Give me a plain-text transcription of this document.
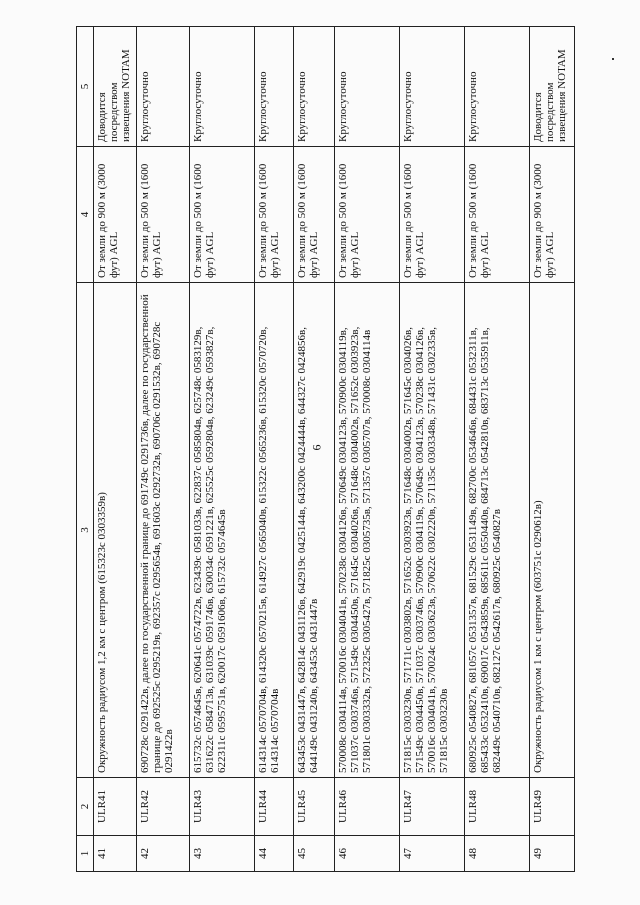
6
1	2	3	4	5
41	ULR41	Окружность радиусом 1,2 км с центром (615323с 0303359в)	От земли до 900 м (3000 фут) AGL	Доводится посредством извещения NOTAM
42	ULR42	690728с 0291422в, далее по государственной границе до 691749с 0291736в, далее по государственной границе до 692525с 0295219в, 692357с 0295654в, 691603с 0292732в, 690706с 0291532в, 690728с 0291422в	От земли до 500 м (1600 фут) AGL	Круглосуточно
43	ULR43	615732с 0574645в, 620641с 0574722в, 623439с 0581033в, 622837с 0585804в, 625748с 0583129в, 631622с 0584713в, 631039с 0591746в, 630034с 0591221в, 625525с 0592804в, 623249с 0593827в, 622311с 0595751в, 620017с 0591606в, 615732с 0574645в	От земли до 500 м (1600 фут) AGL	Круглосуточно
44	ULR44	614314с 0570704в, 614320с 0570215в, 614927с 0565040в, 615322с 0565236в, 615320с 0570720в, 614314с 0570704в	От земли до 500 м (1600 фут) AGL	Круглосуточно
45	ULR45	643453с 0431447в, 642814с 0431126в, 642919с 0425144в, 643200с 0424444в, 644327с 0424856в, 644149с 0431240в, 643453с 0431447в	От земли до 500 м (1600 фут) AGL	Круглосуточно
46	ULR46	570008с 0304114в, 570016с 0304041в, 570238с 0304126в, 570649с 0304123в, 570900с 0304119в, 571037с 0303746в, 571549с 0304450в, 571645с 0304026в, 571648с 0304002в, 571652с 0303923в, 571801с 0303332в, 572325с 0305427в, 571825с 0305735в, 571357с 0305707в, 570008с 0304114в	От земли до 500 м (1600 фут) AGL	Круглосуточно
47	ULR47	571815с 0303230в, 571711с 0303802в, 571652с 0303923в, 571648с 0304002в, 571645с 0304026в, 571549с 0304450в, 571037с 0303746в, 570900с 0304119в, 570649с 0304123в, 570238с 0304126в, 570016с 0304041в, 570024с 0303623в, 570622с 0302220в, 571135с 0303348в, 571431с 0302335в, 571815с 0303230в	От земли до 500 м (1600 фут) AGL	Круглосуточно
48	ULR48	680925с 0540827в, 681057с 0531357в, 681529с 0531149в, 682700с 0534646в, 684431с 0532311в, 685433с 0532410в, 690017с 0543859в, 685611с 0550440в, 684713с 0542810в, 683713с 0535911в, 682449с 0540710в, 682127с 0542617в, 680925с 0540827в	От земли до 500 м (1600 фут) AGL	Круглосуточно
49	ULR49	Окружность радиусом 1 км с центром (603751с 0290612в)	От земли до 900 м (3000 фут) AGL	Доводится посредством извещения NOTAM
